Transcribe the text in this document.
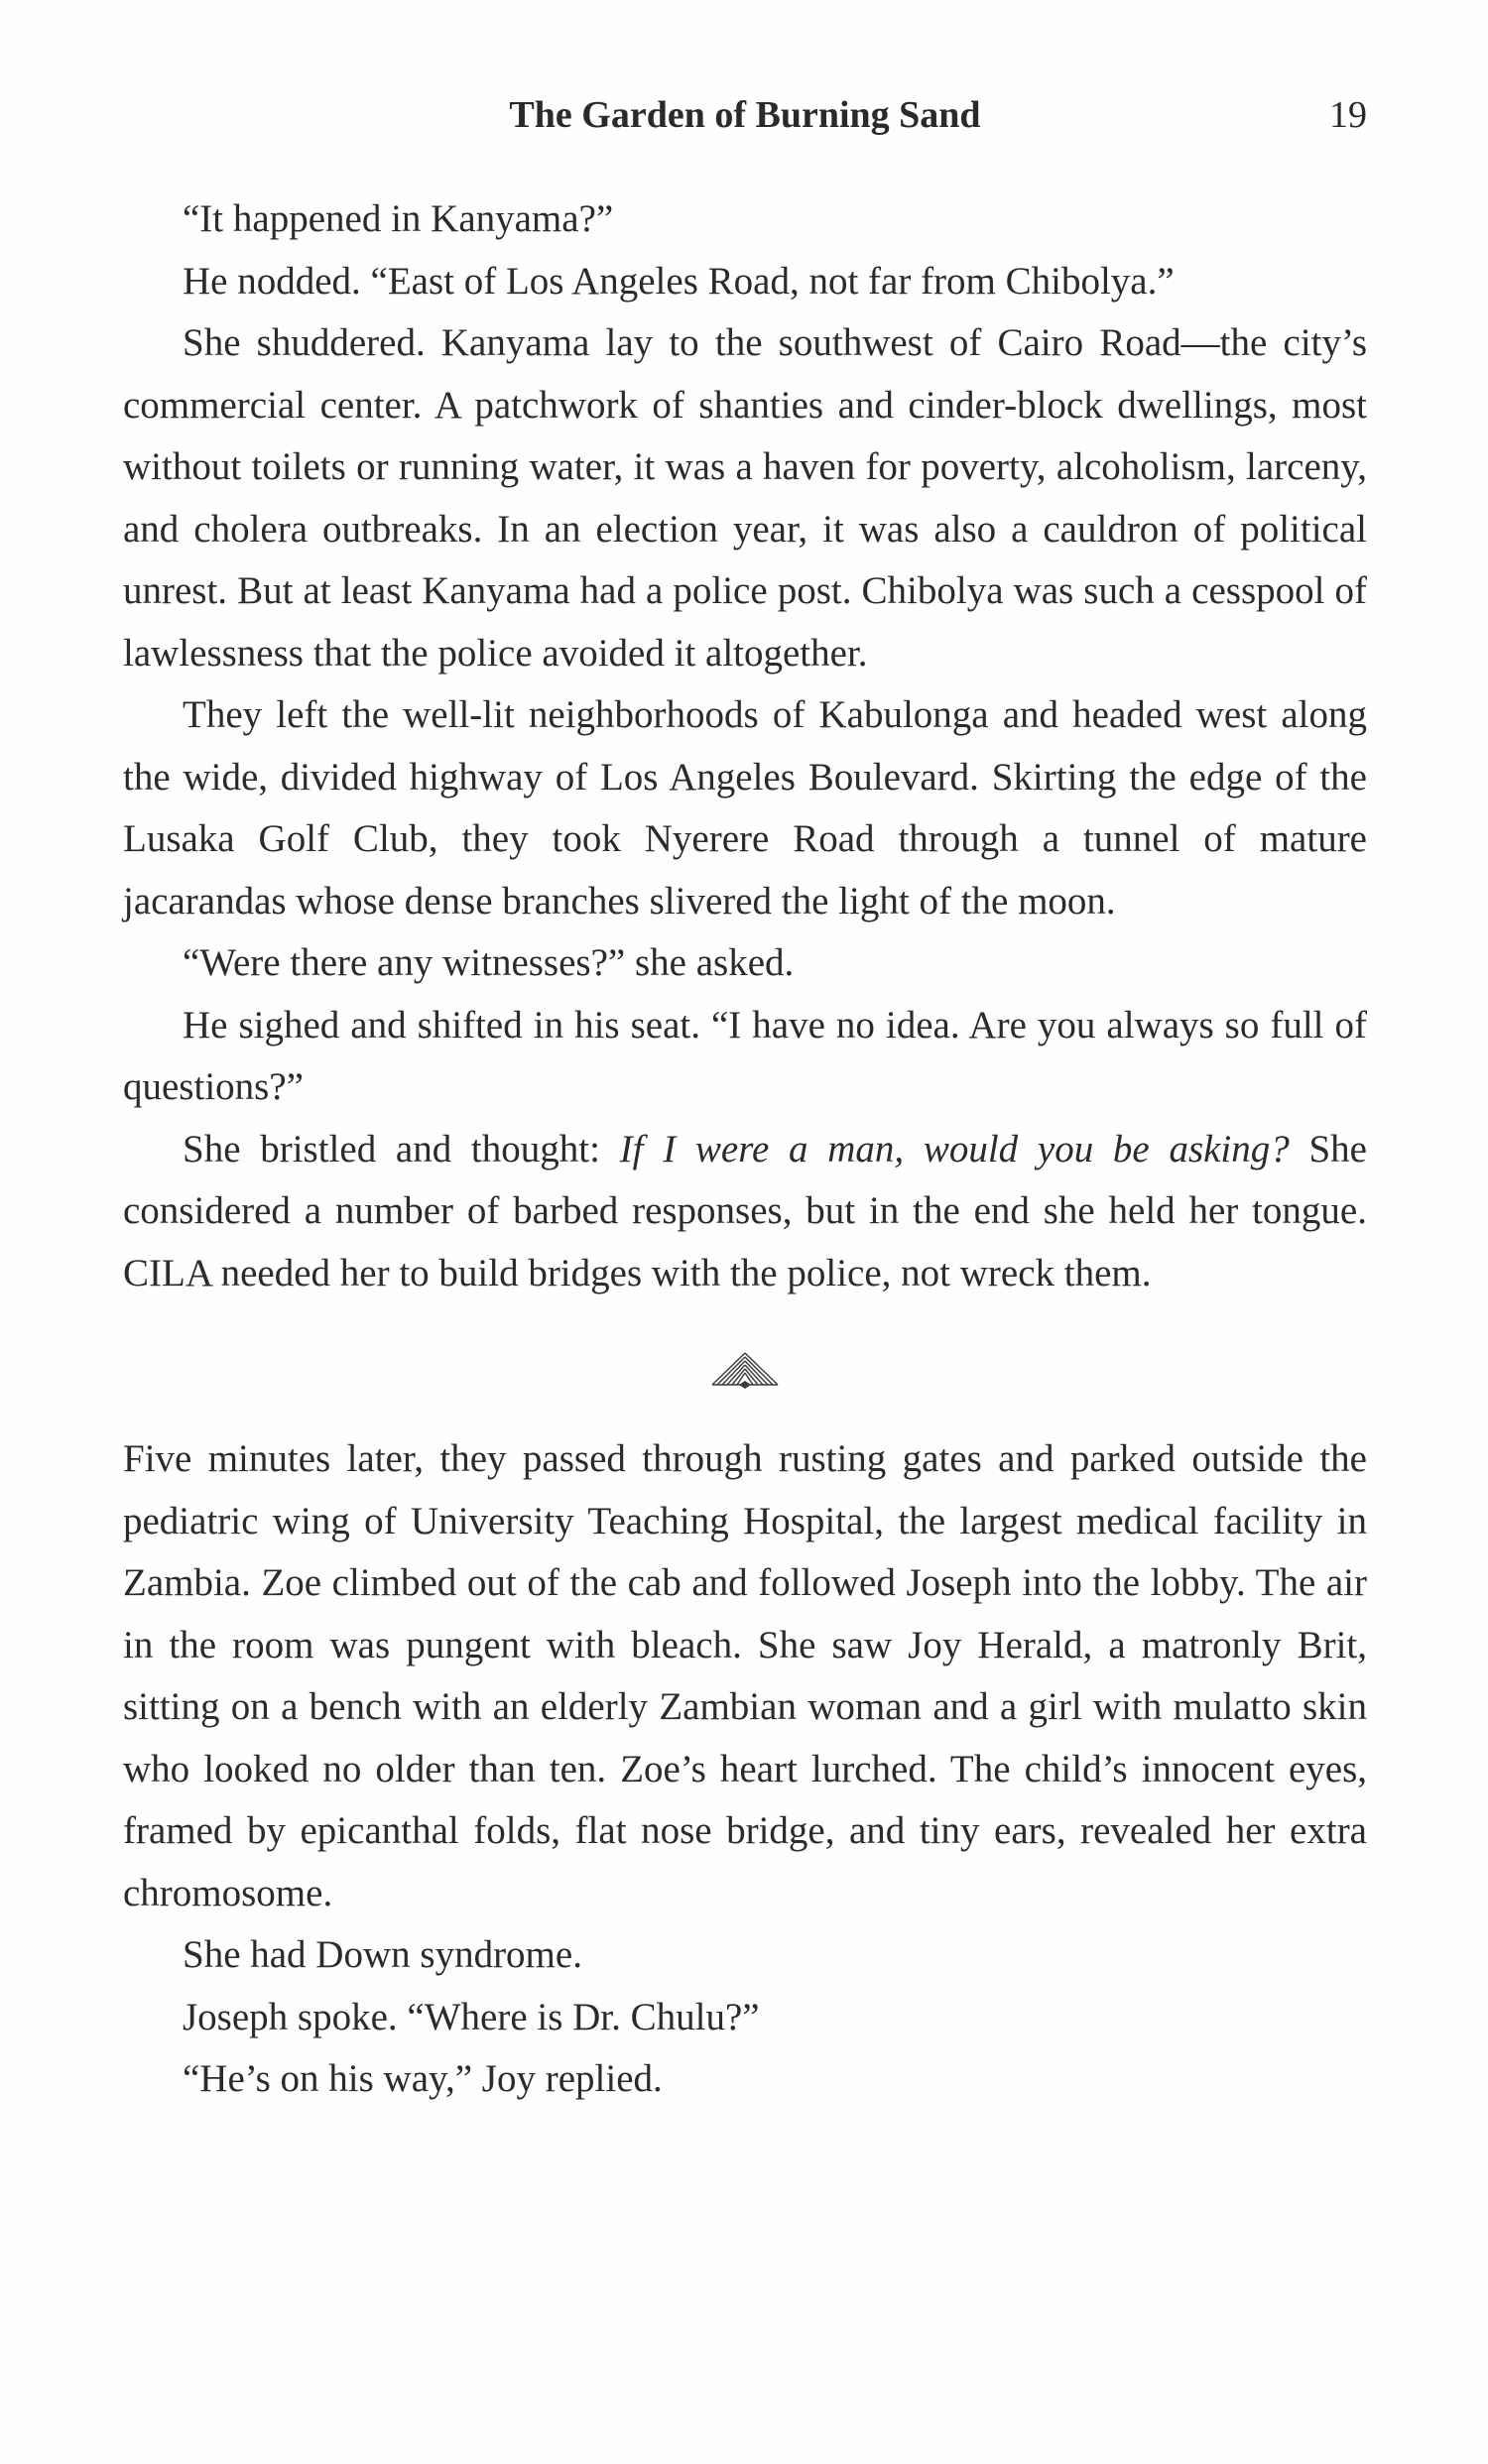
The Garden of Burning Sand	19

“It happened in Kanyama?”

He nodded. “East of Los Angeles Road, not far from Chibolya.”

She shuddered. Kanyama lay to the southwest of Cairo Road—the city’s commercial center. A patchwork of shanties and cinder-block dwellings, most without toilets or running water, it was a haven for poverty, alcoholism, larceny, and cholera outbreaks. In an election year, it was also a cauldron of political unrest. But at least Kanyama had a police post. Chibolya was such a cesspool of lawlessness that the police avoided it altogether.

They left the well-lit neighborhoods of Kabulonga and headed west along the wide, divided highway of Los Angeles Boulevard. Skirting the edge of the Lusaka Golf Club, they took Nyerere Road through a tunnel of mature jacarandas whose dense branches slivered the light of the moon.

“Were there any witnesses?” she asked.

He sighed and shifted in his seat. “I have no idea. Are you always so full of questions?”

She bristled and thought: If I were a man, would you be asking? She considered a number of barbed responses, but in the end she held her tongue. CILA needed her to build bridges with the police, not wreck them.

Five minutes later, they passed through rusting gates and parked outside the pediatric wing of University Teaching Hospital, the largest medical facility in Zambia. Zoe climbed out of the cab and followed Joseph into the lobby. The air in the room was pungent with bleach. She saw Joy Herald, a matronly Brit, sitting on a bench with an elderly Zambian woman and a girl with mulatto skin who looked no older than ten. Zoe’s heart lurched. The child’s innocent eyes, framed by epicanthal folds, flat nose bridge, and tiny ears, revealed her extra chromosome.

She had Down syndrome.

Joseph spoke. “Where is Dr. Chulu?”

“He’s on his way,” Joy replied.
